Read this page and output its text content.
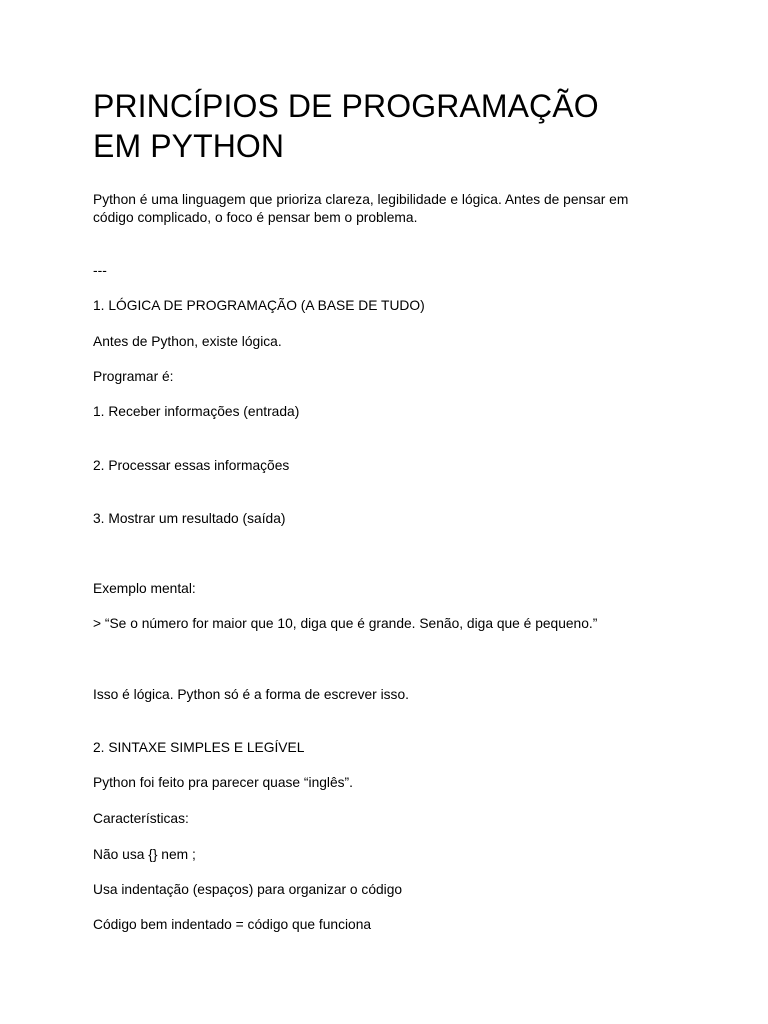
PRINCÍPIOS DE PROGRAMAÇÃO
EM PYTHON

Python é uma linguagem que prioriza clareza, legibilidade e lógica. Antes de pensar em
código complicado, o foco é pensar bem o problema.

---

1. LÓGICA DE PROGRAMAÇÃO (A BASE DE TUDO)

Antes de Python, existe lógica.

Programar é:

1. Receber informações (entrada)

2. Processar essas informações

3. Mostrar um resultado (saída)

Exemplo mental:

> “Se o número for maior que 10, diga que é grande. Senão, diga que é pequeno.”

Isso é lógica. Python só é a forma de escrever isso.

2. SINTAXE SIMPLES E LEGÍVEL

Python foi feito pra parecer quase “inglês”.

Características:

Não usa {} nem ;

Usa indentação (espaços) para organizar o código

Código bem indentado = código que funciona
